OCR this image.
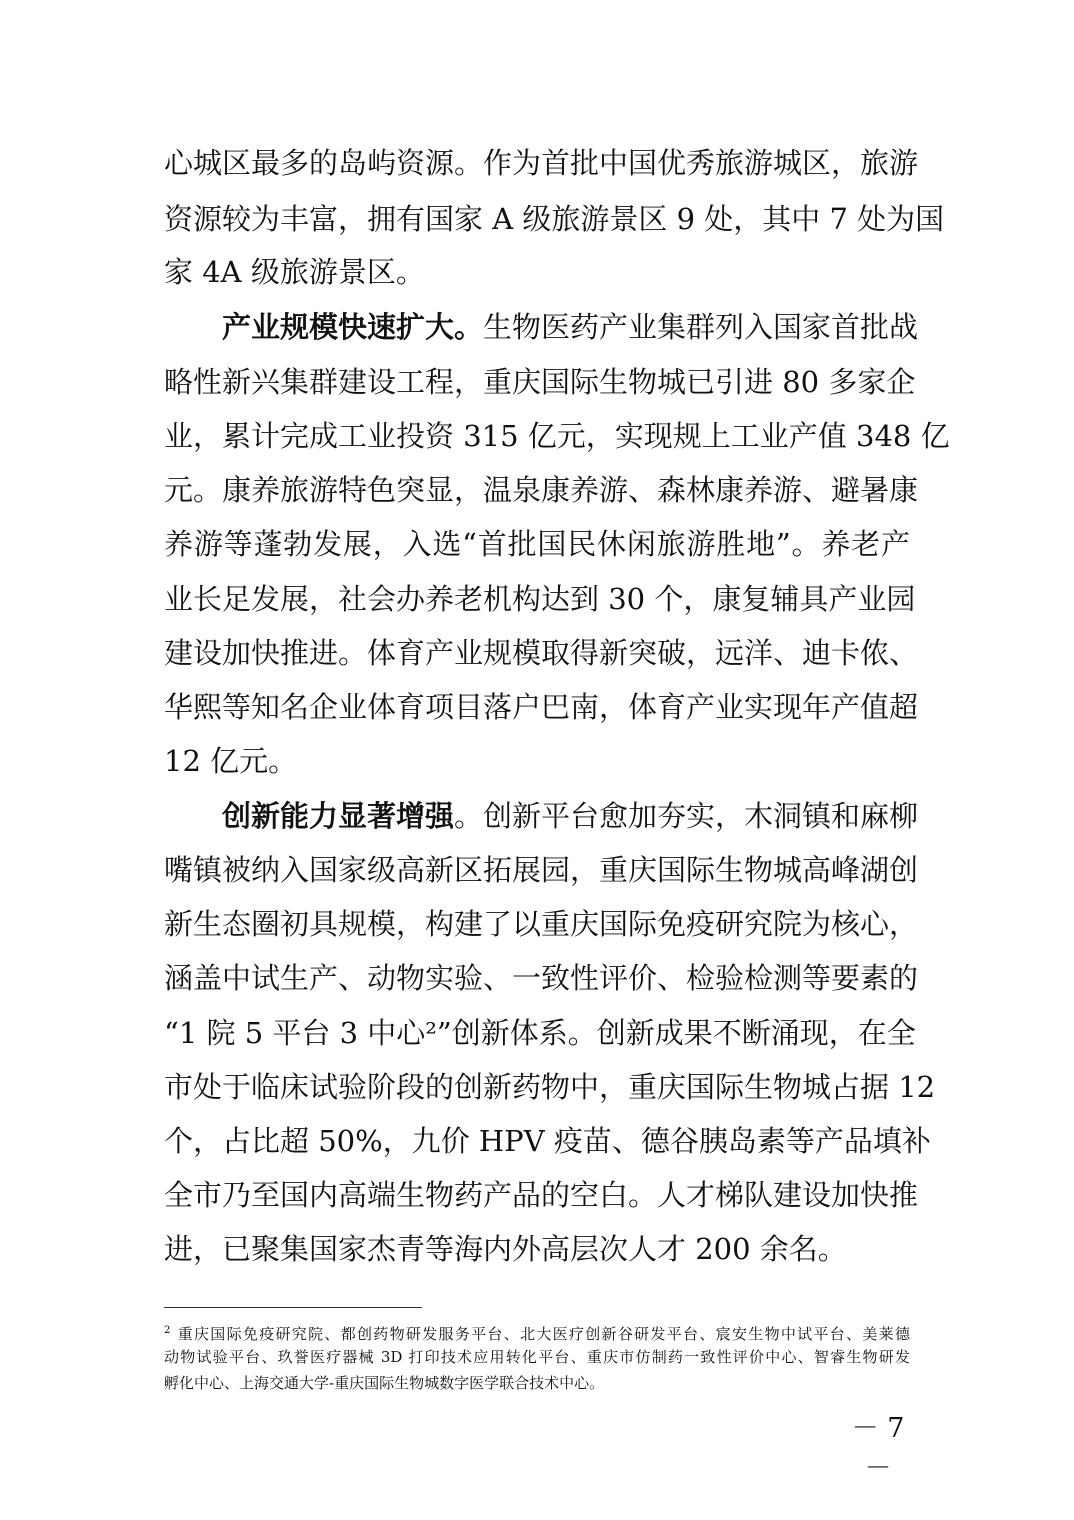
心城区最多的岛屿资源。作为首批中国优秀旅游城区，旅游
资源较为丰富，拥有国家 A 级旅游景区 9 处，其中 7 处为国
家 4A 级旅游景区。
产业规模快速扩大。生物医药产业集群列入国家首批战
略性新兴集群建设工程，重庆国际生物城已引进 80 多家企
业，累计完成工业投资 315 亿元，实现规上工业产值 348 亿
元。康养旅游特色突显，温泉康养游、森林康养游、避暑康
养游等蓬勃发展，入选“首批国民休闲旅游胜地”。养老产
业长足发展，社会办养老机构达到 30 个，康复辅具产业园
建设加快推进。体育产业规模取得新突破，远洋、迪卡侬、
华熙等知名企业体育项目落户巴南，体育产业实现年产值超
12 亿元。
创新能力显著增强。创新平台愈加夯实，木洞镇和麻柳
嘴镇被纳入国家级高新区拓展园，重庆国际生物城高峰湖创
新生态圈初具规模，构建了以重庆国际免疫研究院为核心，
涵盖中试生产、动物实验、一致性评价、检验检测等要素的
“1 院 5 平台 3 中心²”创新体系。创新成果不断涌现，在全
市处于临床试验阶段的创新药物中，重庆国际生物城占据 12
个，占比超 50%，九价 HPV 疫苗、德谷胰岛素等产品填补
全市乃至国内高端生物药产品的空白。人才梯队建设加快推
进，已聚集国家杰青等海内外高层次人才 200 余名。
$^2$ 重庆国际免疫研究院、都创药物研发服务平台、北大医疗创新谷研发平台、宸安生物中试平台、美莱德
动物试验平台、玖誉医疗器械 3D 打印技术应用转化平台、重庆市仿制药一致性评价中心、智睿生物研发
孵化中心、上海交通大学-重庆国际生物城数字医学联合技术中心。
－ 7 －
